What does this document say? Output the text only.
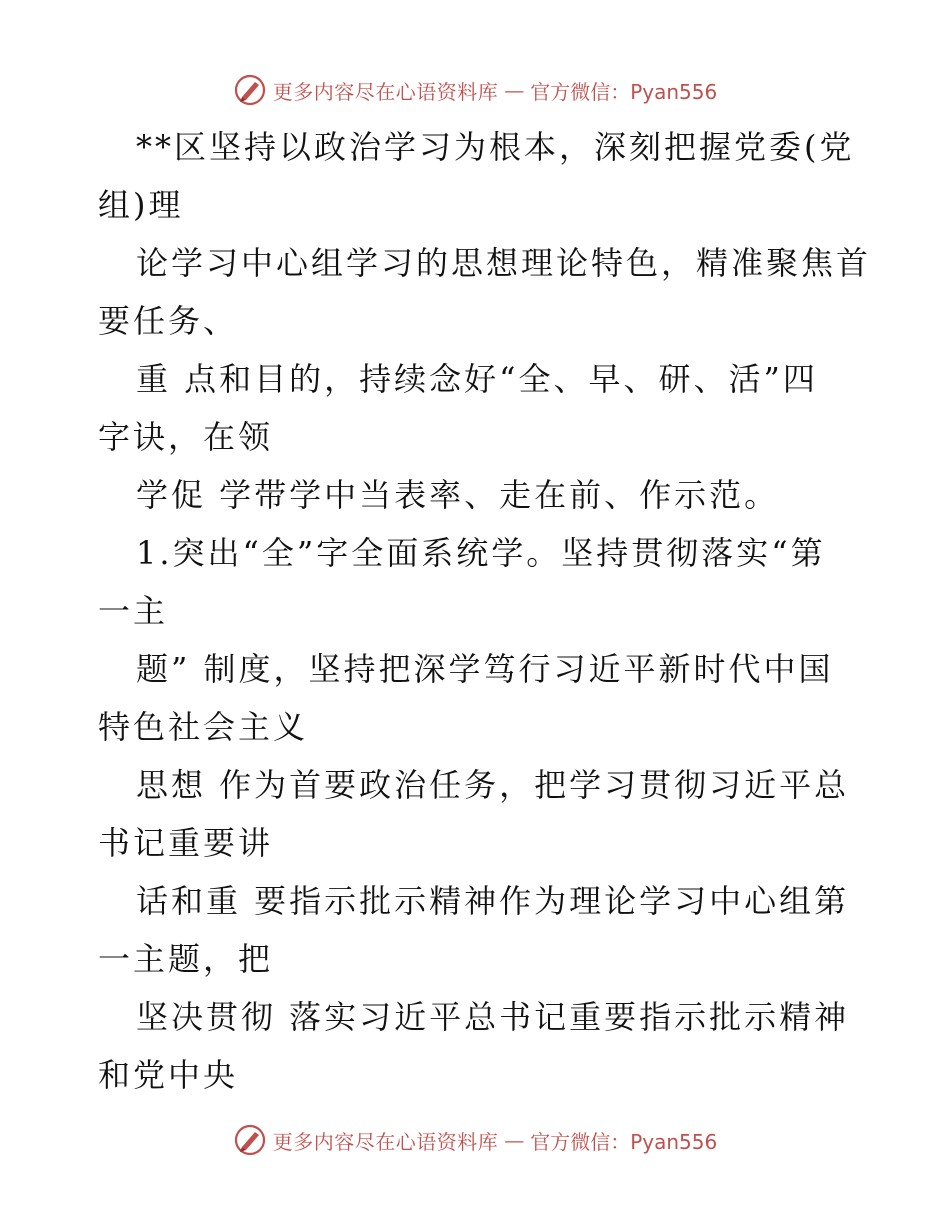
更多内容尽在心语资料库 — 官方微信：Pyan556
**区坚持以政治学习为根本，深刻把握党委(党
组)理
论学习中心组学习的思想理论特色，精准聚焦首
要任务、
重 点和目的，持续念好“全、早、研、活”四
字诀，在领
学促 学带学中当表率、走在前、作示范。
1.突出“全”字全面系统学。坚持贯彻落实“第
一主
题” 制度，坚持把深学笃行习近平新时代中国
特色社会主义
思想 作为首要政治任务，把学习贯彻习近平总
书记重要讲
话和重 要指示批示精神作为理论学习中心组第
一主题，把
坚决贯彻 落实习近平总书记重要指示批示精神
和党中央
更多内容尽在心语资料库 — 官方微信：Pyan556
